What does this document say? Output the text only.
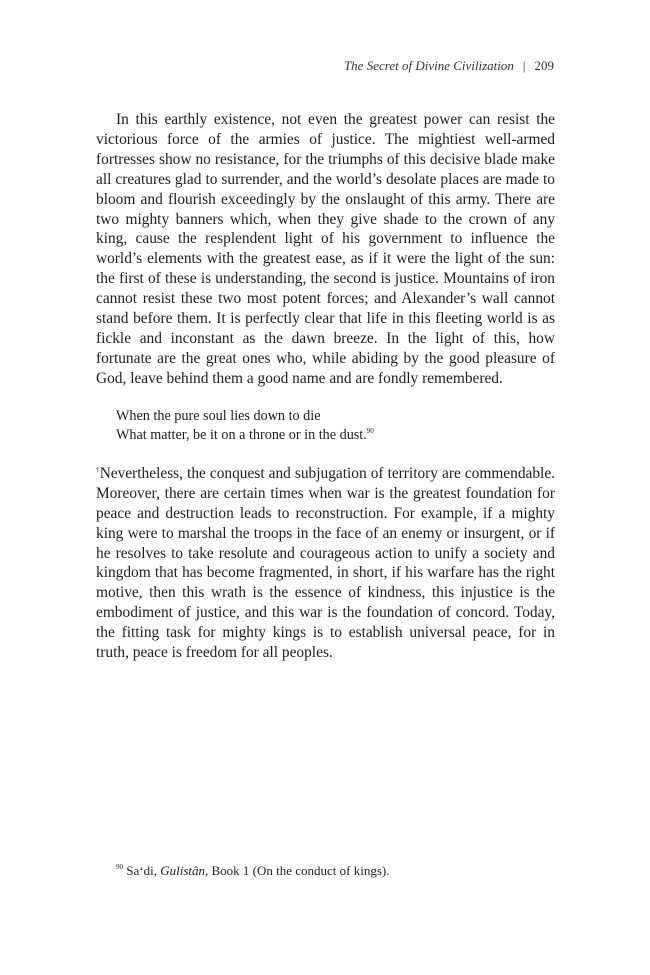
The Secret of Divine Civilization | 209

In this earthly existence, not even the greatest power can resist the victorious force of the armies of justice. The mightiest well-armed fortresses show no resistance, for the triumphs of this decisive blade make all creatures glad to surrender, and the world’s desolate places are made to bloom and flourish exceedingly by the onslaught of this army. There are two mighty banners which, when they give shade to the crown of any king, cause the resplendent light of his government to influence the world’s elements with the greatest ease, as if it were the light of the sun: the first of these is understanding, the second is justice. Mountains of iron cannot resist these two most potent forces; and Alexander’s wall cannot stand before them. It is perfectly clear that life in this fleeting world is as fickle and inconstant as the dawn breeze. In the light of this, how fortunate are the great ones who, while abiding by the good pleasure of God, leave behind them a good name and are fondly remembered.

When the pure soul lies down to die
What matter, be it on a throne or in the dust.$^{90}$

†Nevertheless, the conquest and subjugation of territory are commendable. Moreover, there are certain times when war is the greatest foundation for peace and destruction leads to reconstruction. For example, if a mighty king were to marshal the troops in the face of an enemy or insurgent, or if he resolves to take resolute and courageous action to unify a society and kingdom that has become fragmented, in short, if his warfare has the right motive, then this wrath is the essence of kindness, this injustice is the embodiment of justice, and this war is the foundation of concord. Today, the fitting task for mighty kings is to establish universal peace, for in truth, peace is freedom for all peoples.

$^{90}$ Sa‘di, Gulistân, Book 1 (On the conduct of kings).
